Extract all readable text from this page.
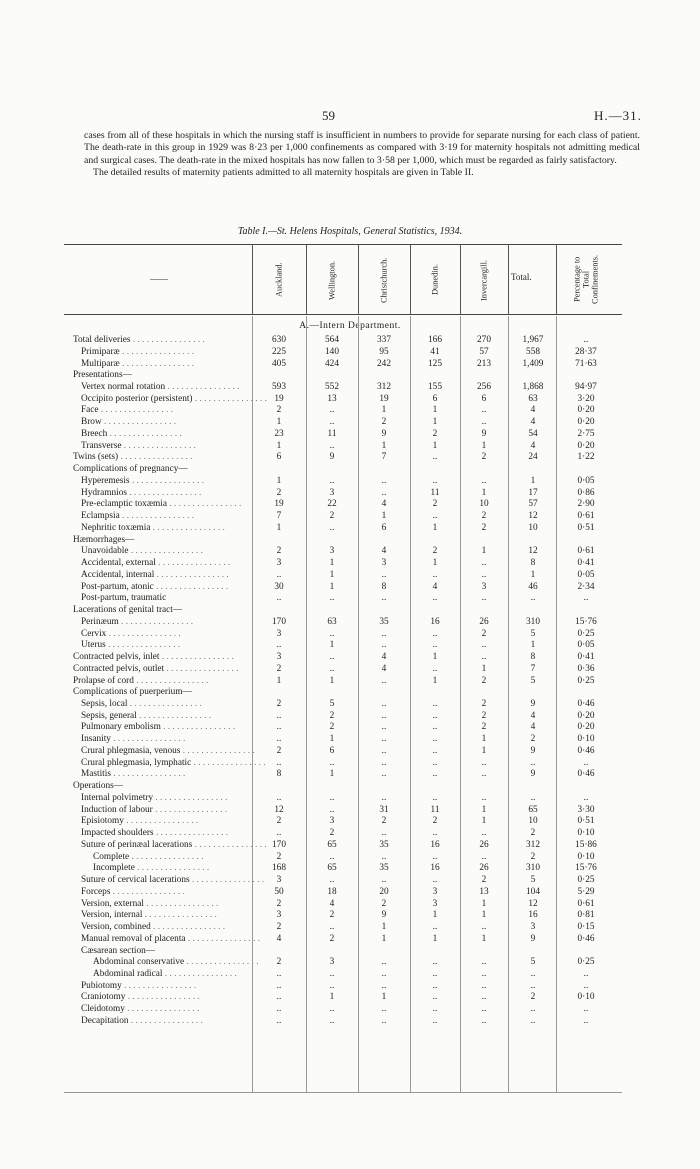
59	H.—31.

cases from all of these hospitals in which the nursing staff is insufficient in numbers to provide for separate nursing for each class of patient. The death-rate in this group in 1929 was 8·23 per 1,000 confinements as compared with 3·19 for maternity hospitals not admitting medical and surgical cases. The death-rate in the mixed hospitals has now fallen to 3·58 per 1,000, which must be regarded as fairly satisfactory.

The detailed results of maternity patients admitted to all maternity hospitals are given in Table II.

Table I.—St. Helens Hospitals, General Statistics, 1934.
——	Auckland.	Wellington.	Christchurch.	Dunedin.	Invercargill.	Total.	Percentage to Total Confinements.
A.—Intern Department.
Total deliveries . . . . . . . . . . . . . . . .	630	564	337	166	270	1,967	..
Primiparæ . . . . . . . . . . . . . . . .	225	140	95	41	57	558	28·37
Multiparæ . . . . . . . . . . . . . . . .	405	424	242	125	213	1,409	71·63
Presentations—
Vertex normal rotation . . . . . . . . . . . . . . . .	593	552	312	155	256	1,868	94·97
Occipito posterior (persistent) . . . . . . . . . . . . . . . . 19	13	19	6	6	63	3·20
Face . . . . . . . . . . . . . . . .	2	..	1	1	..	4	0·20
Brow . . . . . . . . . . . . . . . .	1	..	2	1	..	4	0·20
Breech . . . . . . . . . . . . . . . .	23	11	9	2	9	54	2·75
Transverse . . . . . . . . . . . . . . . .	1	..	1	1	1	4	0·20
Twins (sets) . . . . . . . . . . . . . . . .	6	9	7	..	2	24	1·22
Complications of pregnancy—
Hyperemesis . . . . . . . . . . . . . . . .	1	..	..	..	..	1	0·05
Hydramnios . . . . . . . . . . . . . . . .	2	3	..	11	1	17	0·86
Pre-eclamptic toxæmia . . . . . . . . . . . . . . . .	19	22	4	2	10	57	2·90
Eclampsia . . . . . . . . . . . . . . . .	7	2	1	..	2	12	0·61
Nephritic toxæmia . . . . . . . . . . . . . . . .	1	..	6	1	2	10	0·51
Hæmorrhages—
Unavoidable . . . . . . . . . . . . . . . .	2	3	4	2	1	12	0·61
Accidental, external . . . . . . . . . . . . . . . .	3	1	3	1	..	8	0·41
Accidental, internal . . . . . . . . . . . . . . . .	..	1	..	..	..	1	0·05
Post-partum, atonic . . . . . . . . . . . . . . . .	30	1	8	4	3	46	2·34
Post-partum, traumatic	..	..	..	..	..	..	..
Lacerations of genital tract—
Perinæum . . . . . . . . . . . . . . . .	170	63	35	16	26	310	15·76
Cervix . . . . . . . . . . . . . . . .	3	..	..	..	2	5	0·25
Uterus . . . . . . . . . . . . . . . .	..	1	..	..	..	1	0·05
Contracted pelvis, inlet . . . . . . . . . . . . . . . .	3	..	4	1	..	8	0·41
Contracted pelvis, outlet . . . . . . . . . . . . . . . .	2	..	4	..	1	7	0·36
Prolapse of cord . . . . . . . . . . . . . . . .	1	1	..	1	2	5	0·25
Complications of puerperium—
Sepsis, local . . . . . . . . . . . . . . . .	2	5	..	..	2	9	0·46
Sepsis, general . . . . . . . . . . . . . . . .	..	2	..	..	2	4	0·20
Pulmonary embolism . . . . . . . . . . . . . . . .	..	2	..	..	2	4	0·20
Insanity . . . . . . . . . . . . . . . .	..	1	..	..	1	2	0·10
Crural phlegmasia, venous . . . . . . . . . . . . . . . .	2	6	..	..	1	9	0·46
Crural phlegmasia, lymphatic . . . . . . . . . . . . . . . .	..	..	..	..	..	..	..
Mastitis . . . . . . . . . . . . . . . .	8	1	..	..	..	9	0·46
Operations—
Internal polvimetry . . . . . . . . . . . . . . . .	..	..	..	..	..	..	..
Induction of labour . . . . . . . . . . . . . . . .	12	..	31	11	1	65	3·30
Episiotomy . . . . . . . . . . . . . . . .	2	3	2	2	1	10	0·51
Impacted shoulders . . . . . . . . . . . . . . . .	..	2	..	..	..	2	0·10
Suture of perinæal lacerations . . . . . . . . . . . . . . . . 170	65	35	16	26	312	15·86
Complete . . . . . . . . . . . . . . . .	2	..	..	..	..	2	0·10
Incomplete . . . . . . . . . . . . . . . .	168	65	35	16	26	310	15·76
Suture of cervical lacerations . . . . . . . . . . . . . . . .	3	..	..	..	2	5	0·25
Forceps . . . . . . . . . . . . . . . .	50	18	20	3	13	104	5·29
Version, external . . . . . . . . . . . . . . . .	2	4	2	3	1	12	0·61
Version, internal . . . . . . . . . . . . . . . .	3	2	9	1	1	16	0·81
Version, combined . . . . . . . . . . . . . . . .	2	..	1	..	..	3	0·15
Manual removal of placenta . . . . . . . . . . . . . . . .	4	2	1	1	1	9	0·46
Cæsarean section—
Abdominal conservative . . . . . . . . . . . . . . . .	2	3	..	..	..	5	0·25
Abdominal radical . . . . . . . . . . . . . . . .	..	..	..	..	..	..	..
Pubiotomy . . . . . . . . . . . . . . . .	..	..	..	..	..	..	..
Craniotomy . . . . . . . . . . . . . . . .	..	1	1	..	..	2	0·10
Cleidotomy . . . . . . . . . . . . . . . .	..	..	..	..	..	..	..
Decapitation . . . . . . . . . . . . . . . .	..	..	..	..	..	..	..
